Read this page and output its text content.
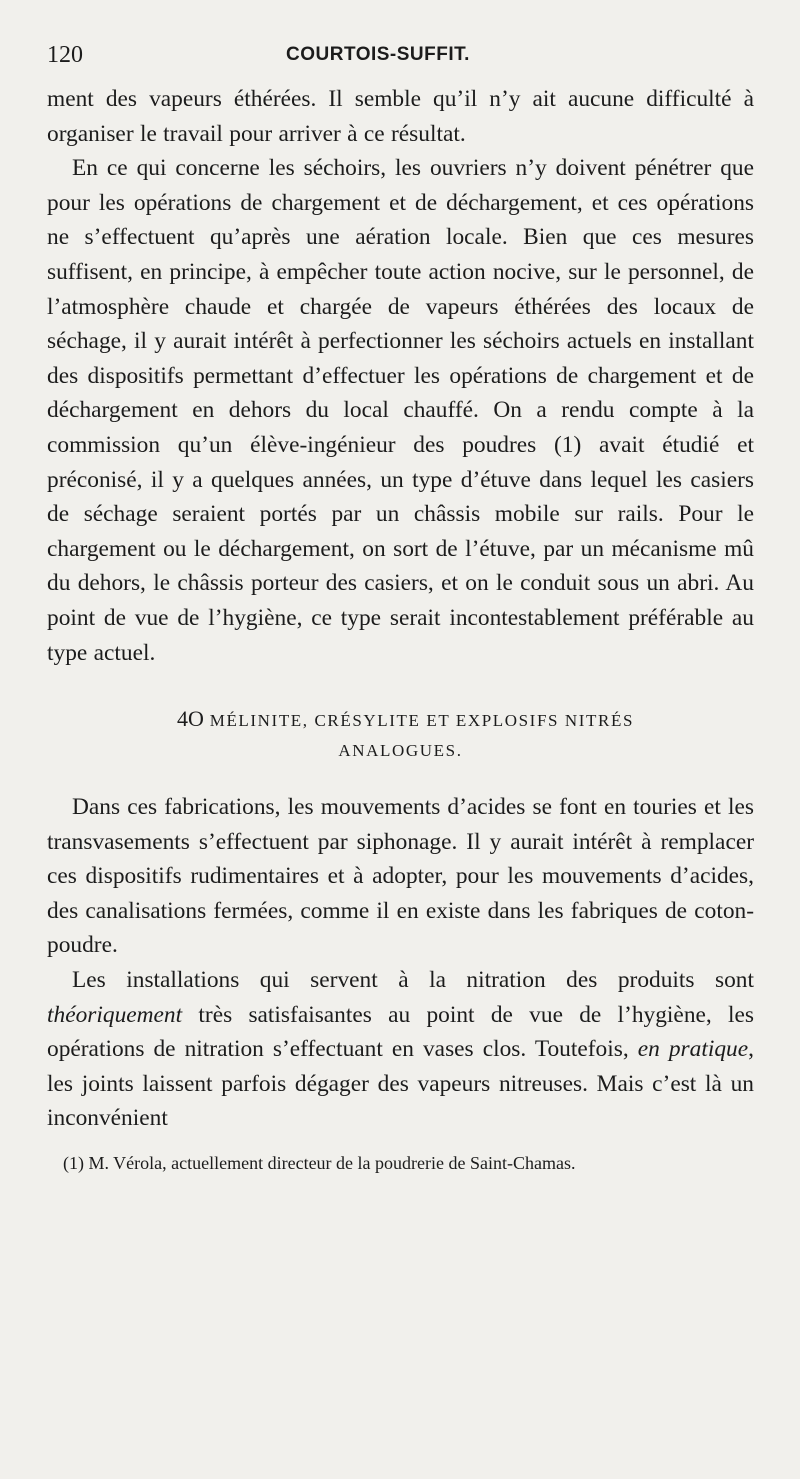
120	COURTOIS-SUFFIT.

ment des vapeurs éthérées. Il semble qu’il n’y ait aucune difficulté à organiser le travail pour arriver à ce résultat.

En ce qui concerne les séchoirs, les ouvriers n’y doivent pénétrer que pour les opérations de chargement et de déchargement, et ces opérations ne s’effectuent qu’après une aération locale. Bien que ces mesures suffisent, en principe, à empêcher toute action nocive, sur le personnel, de l’atmosphère chaude et chargée de vapeurs éthérées des locaux de séchage, il y aurait intérêt à perfectionner les séchoirs actuels en installant des dispositifs permettant d’effectuer les opérations de chargement et de déchargement en dehors du local chauffé. On a rendu compte à la commission qu’un élève-ingénieur des poudres (1) avait étudié et préconisé, il y a quelques années, un type d’étuve dans lequel les casiers de séchage seraient portés par un châssis mobile sur rails. Pour le chargement ou le déchargement, on sort de l’étuve, par un mécanisme mû du dehors, le châssis porteur des casiers, et on le conduit sous un abri. Au point de vue de l’hygiène, ce type serait incontestablement préférable au type actuel.

4O MÉLINITE, CRÉSYLITE ET EXPLOSIFS NITRÉS
ANALOGUES.

Dans ces fabrications, les mouvements d’acides se font en touries et les transvasements s’effectuent par siphonage. Il y aurait intérêt à remplacer ces dispositifs rudimentaires et à adopter, pour les mouvements d’acides, des canalisations fermées, comme il en existe dans les fabriques de coton-poudre.

Les installations qui servent à la nitration des produits sont théoriquement très satisfaisantes au point de vue de l’hygiène, les opérations de nitration s’effectuant en vases clos. Toutefois, en pratique, les joints laissent parfois dégager des vapeurs nitreuses. Mais c’est là un inconvénient

(1) M. Vérola, actuellement directeur de la poudrerie de Saint-Chamas.
